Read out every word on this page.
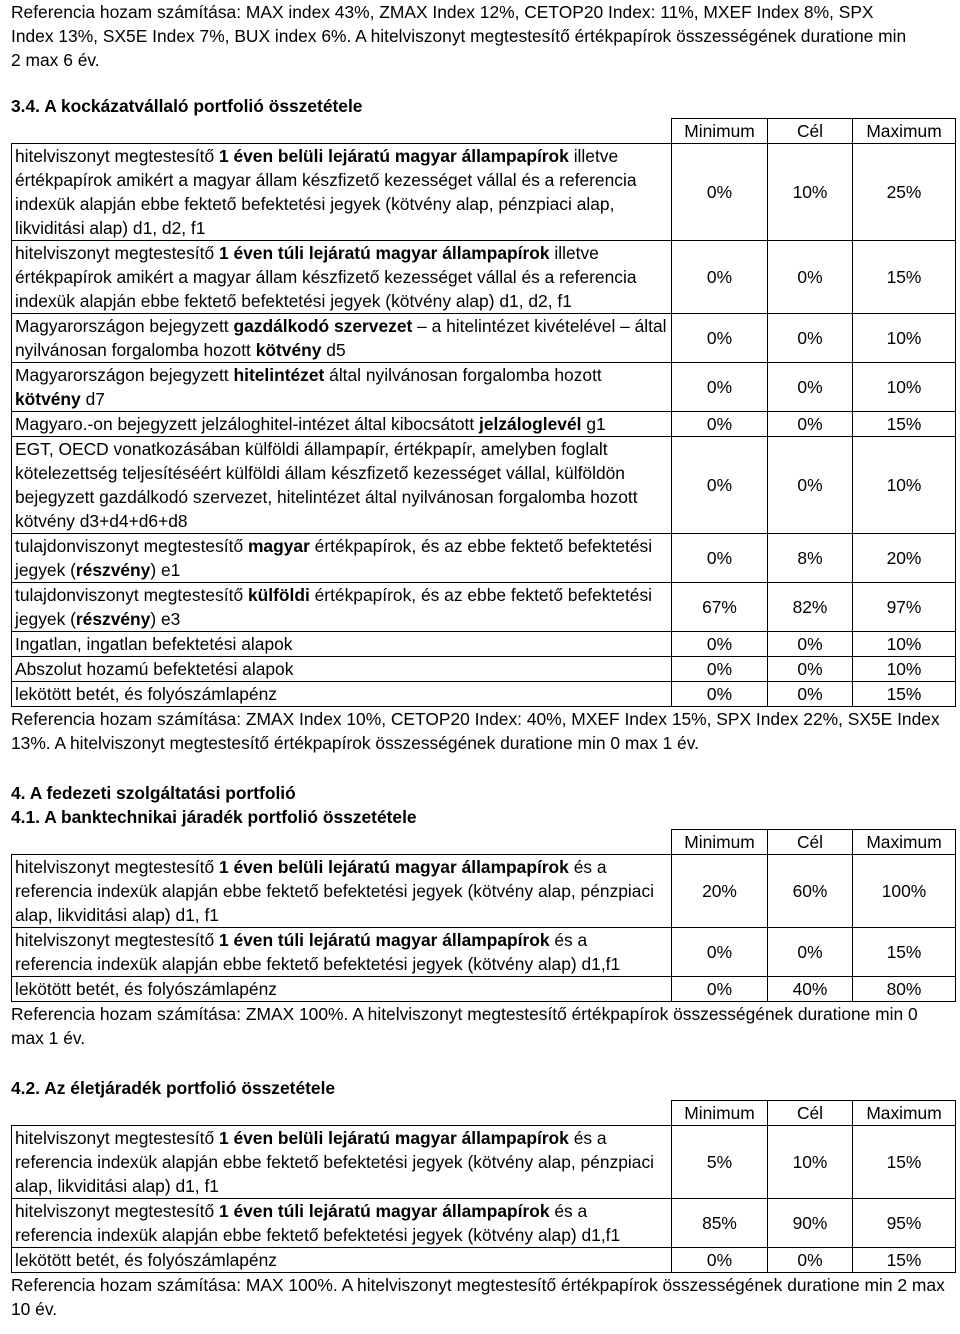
Referencia hozam számítása: MAX index 43%, ZMAX Index 12%, CETOP20 Index: 11%, MXEF Index 8%, SPX Index 13%, SX5E Index 7%, BUX index 6%. A hitelviszonyt megtestesítő értékpapírok összességének duratione min 2 max 6 év.

3.4. A kockázatvállaló portfolió összetétele

	Minimum	Cél	Maximum
hitelviszonyt megtestesítő 1 éven belüli lejáratú magyar állampapírok illetve értékpapírok amikért a magyar állam készfizető kezességet vállal és a referencia indexük alapján ebbe fektető befektetési jegyek (kötvény alap, pénzpiaci alap, likviditási alap) d1, d2, f1	0%	10%	25%
hitelviszonyt megtestesítő 1 éven túli lejáratú magyar állampapírok illetve értékpapírok amikért a magyar állam készfizető kezességet vállal és a referencia indexük alapján ebbe fektető befektetési jegyek (kötvény alap) d1, d2, f1	0%	0%	15%
Magyarországon bejegyzett gazdálkodó szervezet – a hitelintézet kivételével – által nyilvánosan forgalomba hozott kötvény d5	0%	0%	10%
Magyarországon bejegyzett hitelintézet által nyilvánosan forgalomba hozott kötvény d7	0%	0%	10%
Magyaro.-on bejegyzett jelzáloghitel-intézet által kibocsátott jelzáloglevél g1	0%	0%	15%
EGT, OECD vonatkozásában külföldi állampapír, értékpapír, amelyben foglalt kötelezettség teljesítéséért külföldi állam készfizető kezességet vállal, külföldön bejegyzett gazdálkodó szervezet, hitelintézet által nyilvánosan forgalomba hozott kötvény d3+d4+d6+d8	0%	0%	10%
tulajdonviszonyt megtestesítő magyar értékpapírok, és az ebbe fektető befektetési jegyek (részvény) e1	0%	8%	20%
tulajdonviszonyt megtestesítő külföldi értékpapírok, és az ebbe fektető befektetési jegyek (részvény) e3	67%	82%	97%
Ingatlan, ingatlan befektetési alapok	0%	0%	10%
Abszolut hozamú befektetési alapok	0%	0%	10%
lekötött betét, és folyószámlapénz	0%	0%	15%

Referencia hozam számítása: ZMAX Index 10%, CETOP20 Index: 40%, MXEF Index 15%, SPX Index 22%, SX5E Index 13%. A hitelviszonyt megtestesítő értékpapírok összességének duratione min 0 max 1 év.

4. A fedezeti szolgáltatási portfolió

4.1. A banktechnikai járadék portfolió összetétele

	Minimum	Cél	Maximum
hitelviszonyt megtestesítő 1 éven belüli lejáratú magyar állampapírok és a referencia indexük alapján ebbe fektető befektetési jegyek (kötvény alap, pénzpiaci alap, likviditási alap) d1, f1	20%	60%	100%
hitelviszonyt megtestesítő 1 éven túli lejáratú magyar állampapírok és a referencia indexük alapján ebbe fektető befektetési jegyek (kötvény alap) d1,f1	0%	0%	15%
lekötött betét, és folyószámlapénz	0%	40%	80%

Referencia hozam számítása: ZMAX 100%. A hitelviszonyt megtestesítő értékpapírok összességének duratione min 0 max 1 év.

4.2. Az életjáradék portfolió összetétele

	Minimum	Cél	Maximum
hitelviszonyt megtestesítő 1 éven belüli lejáratú magyar állampapírok és a referencia indexük alapján ebbe fektető befektetési jegyek (kötvény alap, pénzpiaci alap, likviditási alap) d1, f1	5%	10%	15%
hitelviszonyt megtestesítő 1 éven túli lejáratú magyar állampapírok és a referencia indexük alapján ebbe fektető befektetési jegyek (kötvény alap) d1,f1	85%	90%	95%
lekötött betét, és folyószámlapénz	0%	0%	15%

Referencia hozam számítása: MAX 100%. A hitelviszonyt megtestesítő értékpapírok összességének duratione min 2 max 10 év.
